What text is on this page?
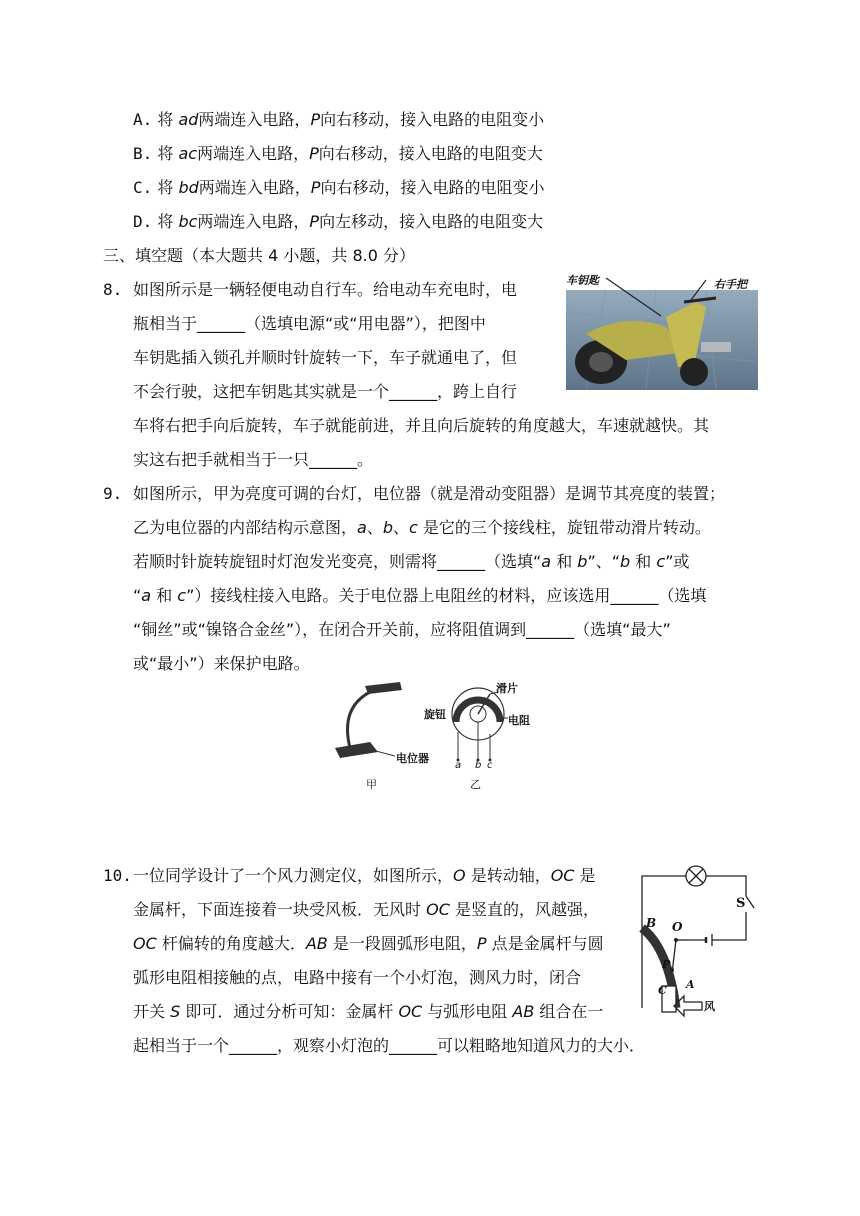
A. 将 ad两端连入电路，P向右移动，接入电路的电阻变小
B. 将 ac两端连入电路，P向右移动，接入电路的电阻变大
C. 将 bd两端连入电路，P向右移动，接入电路的电阻变小
D. 将 bc两端连入电路，P向左移动，接入电路的电阻变大
三、填空题（本大题共 4 小题，共 8.0 分）
8. 如图所示是一辆轻便电动自行车。给电动车充电时，电
瓶相当于______（选填电源“或“用电器”），把图中
车钥匙插入锁孔并顺时针旋转一下，车子就通电了，但
不会行驶，这把车钥匙其实就是一个______，跨上自行
车将右把手向后旋转，车子就能前进，并且向后旋转的角度越大，车速就越快。其
实这右把手就相当于一只______。
车钥匙	右手把
9. 如图所示，甲为亮度可调的台灯，电位器（就是滑动变阻器）是调节其亮度的装置；
乙为电位器的内部结构示意图，a、b、c 是它的三个接线柱，旋钮带动滑片转动。
若顺时针旋转旋钮时灯泡发光变亮，则需将______（选填“a 和 b”、“b 和 c”或
“a 和 c”）接线柱接入电路。关于电位器上电阻丝的材料，应该选用______（选填
“铜丝”或“镍铬合金丝”），在闭合开关前，应将阻值调到______（选填“最大”
或“最小”）来保护电路。
电位器
甲	乙
旋钮
滑片
电阻
a b c
10. 一位同学设计了一个风力测定仪，如图所示，O 是转动轴，OC 是
金属杆，下面连接着一块受风板．无风时 OC 是竖直的，风越强，
OC 杆偏转的角度越大．AB 是一段圆弧形电阻，P 点是金属杆与圆
弧形电阻相接触的点，电路中接有一个小灯泡，测风力时，闭合
开关 S 即可．通过分析可知：金属杆 OC 与弧形电阻 AB 组合在一
起相当于一个______，观察小灯泡的______可以粗略地知道风力的大小．
S
B O
P
A
C
风
